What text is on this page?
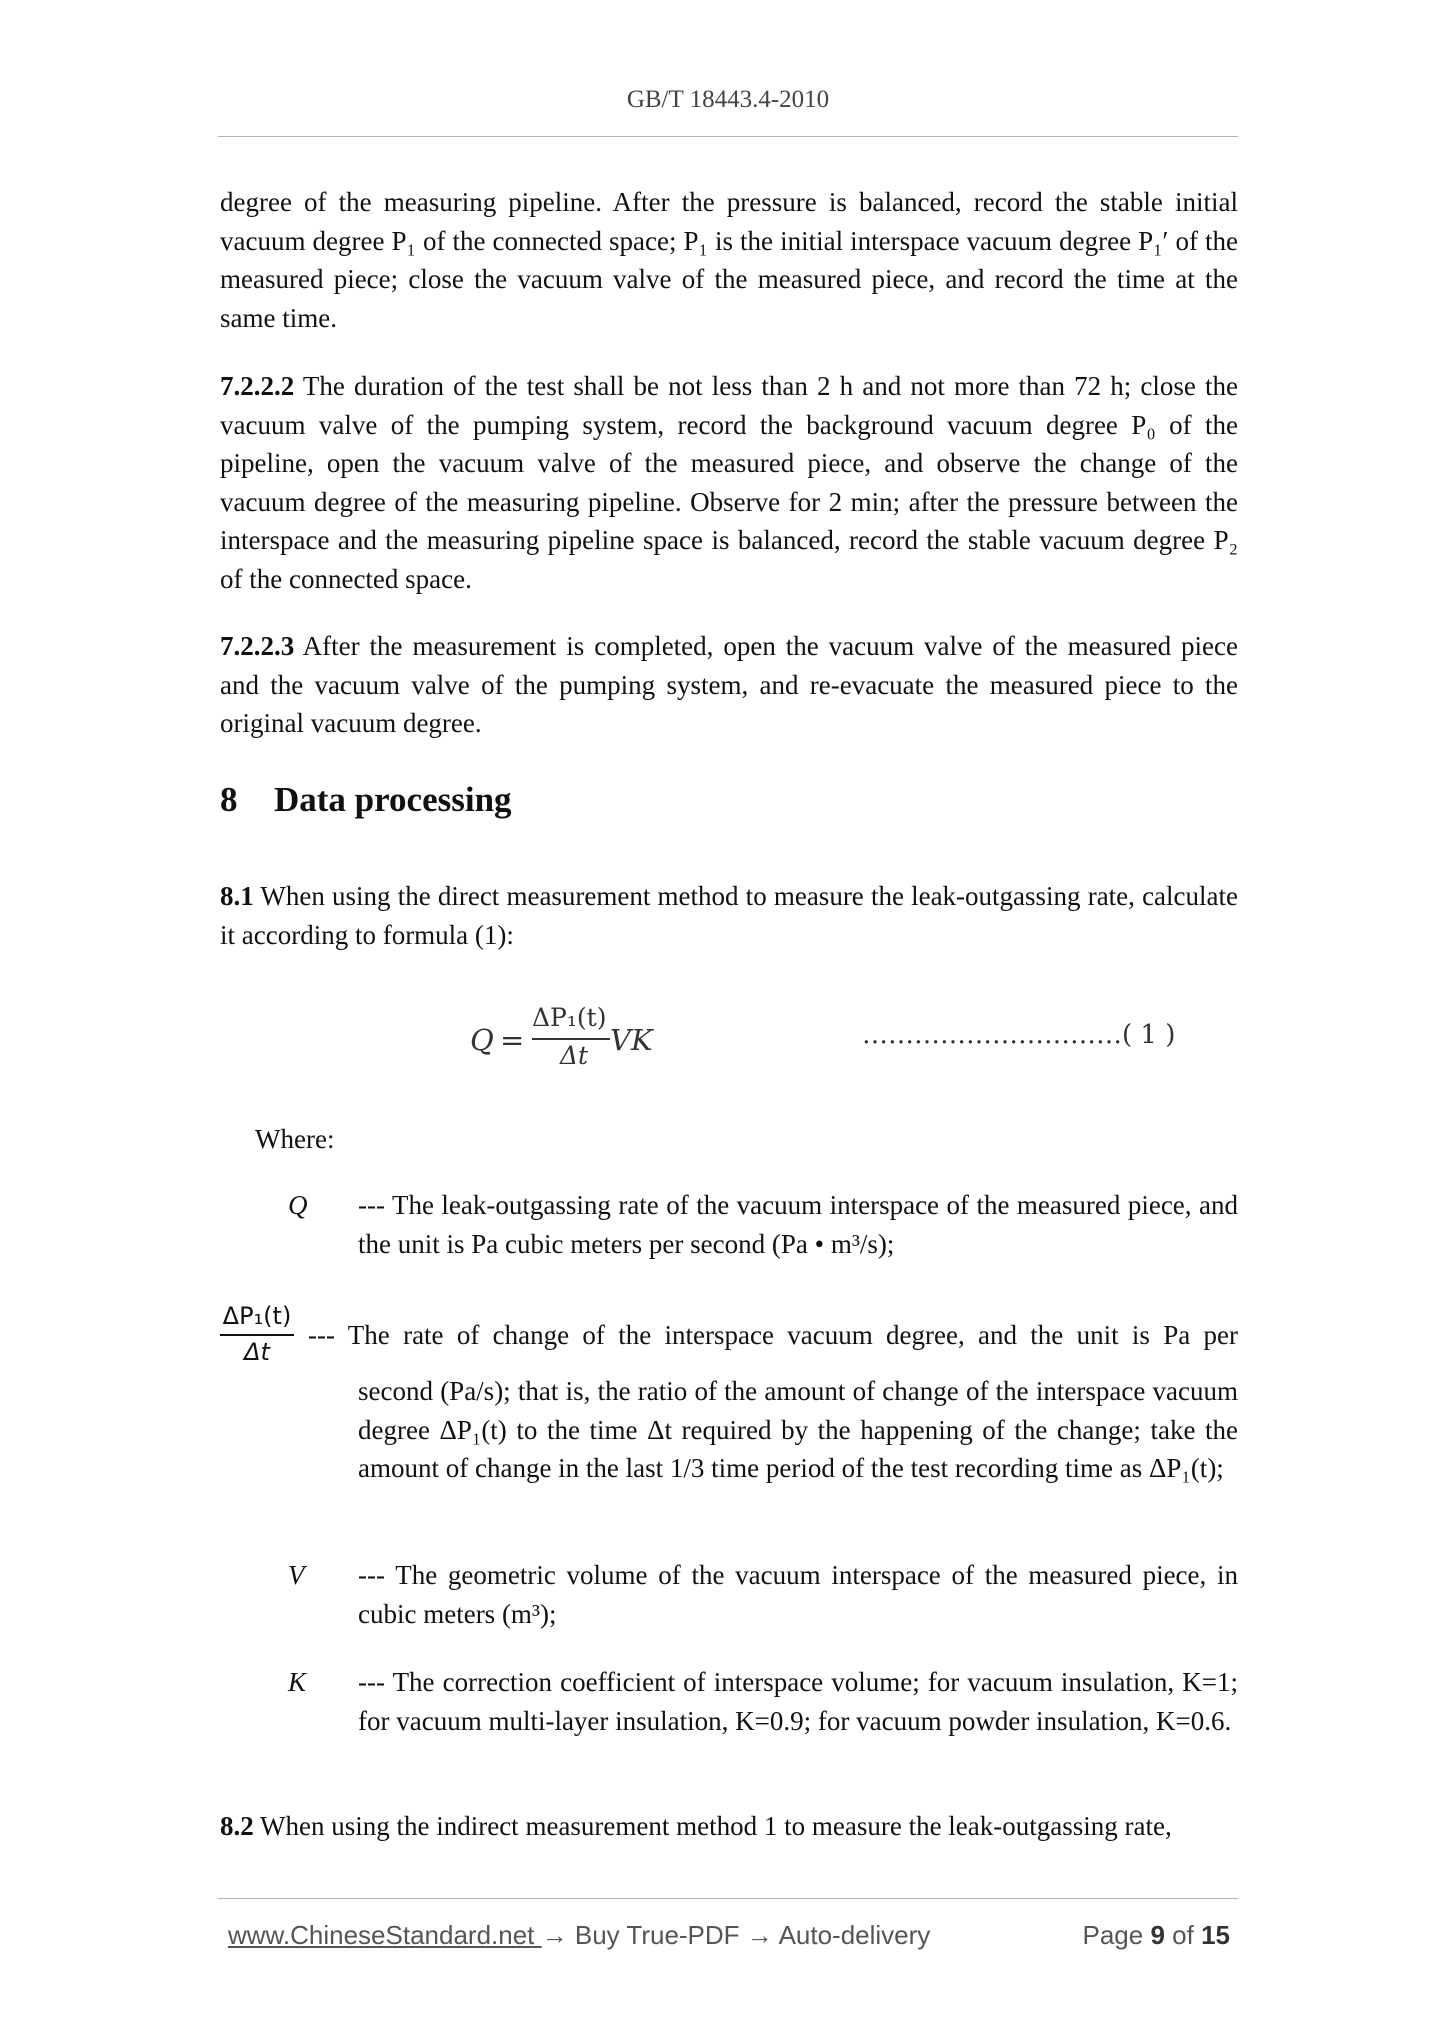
GB/T 18443.4-2010
degree of the measuring pipeline. After the pressure is balanced, record the stable initial vacuum degree P₁ of the connected space; P₁ is the initial interspace vacuum degree P₁′ of the measured piece; close the vacuum valve of the measured piece, and record the time at the same time.
7.2.2.2 The duration of the test shall be not less than 2 h and not more than 72 h; close the vacuum valve of the pumping system, record the background vacuum degree P₀ of the pipeline, open the vacuum valve of the measured piece, and observe the change of the vacuum degree of the measuring pipeline. Observe for 2 min; after the pressure between the interspace and the measuring pipeline space is balanced, record the stable vacuum degree P₂ of the connected space.
7.2.2.3 After the measurement is completed, open the vacuum valve of the measured piece and the vacuum valve of the pumping system, and re-evacuate the measured piece to the original vacuum degree.
8 Data processing
8.1 When using the direct measurement method to measure the leak-outgassing rate, calculate it according to formula (1):
Q =
ΔP₁(t)
Δt VK	…………………………( 1 )
Where:
Q --- The leak-outgassing rate of the vacuum interspace of the measured piece, and the unit is Pa cubic meters per second (Pa • m³/s);
ΔP₁(t)
Δt
--- The rate of change of the interspace vacuum degree, and the unit is Pa per
second (Pa/s); that is, the ratio of the amount of change of the interspace vacuum degree ΔP₁(t) to the time Δt required by the happening of the change; take the amount of change in the last 1/3 time period of the test recording time as ΔP₁(t);
V --- The geometric volume of the vacuum interspace of the measured piece, in cubic meters (m³);
K --- The correction coefficient of interspace volume; for vacuum insulation, K=1; for vacuum multi-layer insulation, K=0.9; for vacuum powder insulation, K=0.6.
8.2 When using the indirect measurement method 1 to measure the leak-outgassing rate,
www.ChineseStandard.net → Buy True-PDF → Auto-delivery	Page 9 of 15
